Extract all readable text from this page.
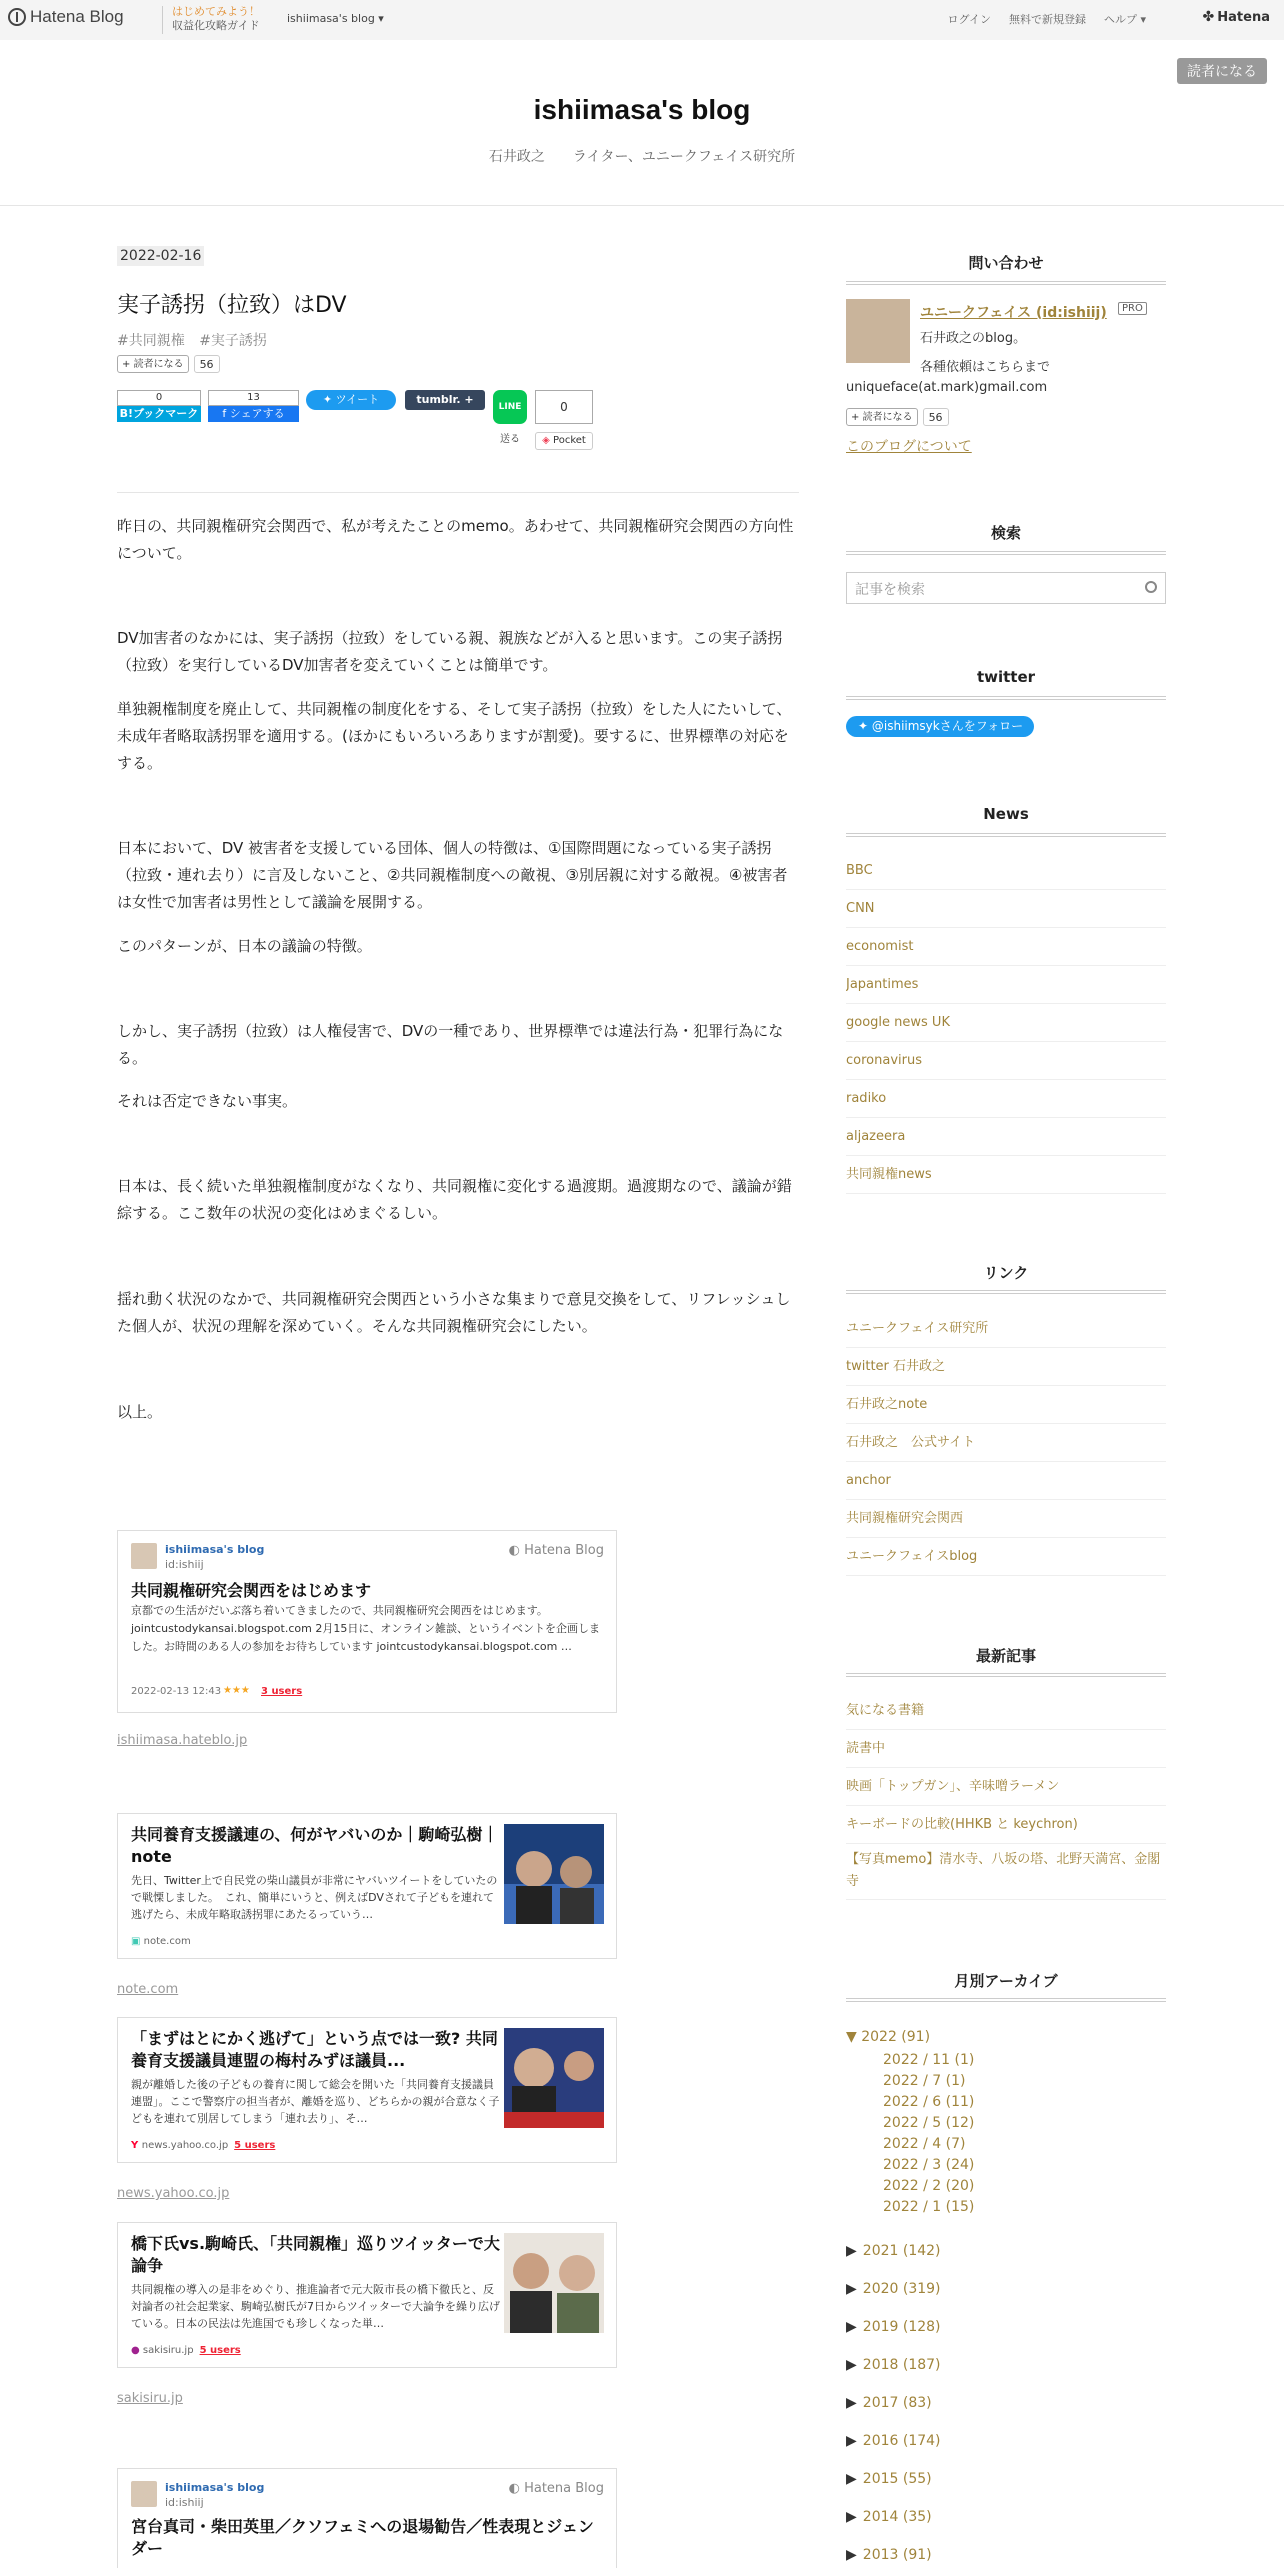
Hatena Blog	はじめてみよう！
収益化攻略ガイド
ishiimasa's blog ▾	ログイン 無料で新規登録 ヘルプ ▾	✤ Hatena
読者になる
ishiimasa's blog
石井政之　　ライター、ユニークフェイス研究所
2022-02-16
実子誘拐（拉致）はDV
#共同親権 #実子誘拐
+ 読者になる	56
0
B!ブックマーク
13
f シェアする
✦ ツイート	tumblr. +
LINE
送る
0
◈ Pocket

昨日の、共同親権研究会関西で、私が考えたことのmemo。あわせて、共同親権研究会関西の方向性について。

DV加害者のなかには、実子誘拐（拉致）をしている親、親族などが入ると思います。この実子誘拐（拉致）を実行しているDV加害者を変えていくことは簡単です。

単独親権制度を廃止して、共同親権の制度化をする、そして実子誘拐（拉致）をした人にたいして、未成年者略取誘拐罪を適用する。(ほかにもいろいろありますが割愛)。要するに、世界標準の対応をする。

日本において、DV 被害者を支援している団体、個人の特徴は、①国際問題になっている実子誘拐（拉致・連れ去り）に言及しないこと、②共同親権制度への敵視、③別居親に対する敵視。④被害者は女性で加害者は男性として議論を展開する。

このパターンが、日本の議論の特徴。

しかし、実子誘拐（拉致）は人権侵害で、DVの一種であり、世界標準では違法行為・犯罪行為になる。

それは否定できない事実。

日本は、長く続いた単独親権制度がなくなり、共同親権に変化する過渡期。過渡期なので、議論が錯綜する。ここ数年の状況の変化はめまぐるしい。

揺れ動く状況のなかで、共同親権研究会関西という小さな集まりで意見交換をして、リフレッシュした個人が、状況の理解を深めていく。そんな共同親権研究会にしたい。

以上。

ishiimasa's blog
id:ishiij
◐ Hatena Blog
共同親権研究会関西をはじめます
京都での生活がだいぶ落ち着いてきましたので、共同親権研究会関西をはじめます。 jointcustodykansai.blogspot.com 2月15日に、オンライン雑談、というイベントを企画しました。お時間のある人の参加をお待ちしています jointcustodykansai.blogspot.com …
2022-02-13 12:43 ★★★ 3 users
ishiimasa.hateblo.jp
共同養育支援議連の、何がヤバいのか｜駒崎弘樹｜note
先日、Twitter上で自民党の柴山議員が非常にヤバいツイートをしていたので戦慄しました。　これ、簡単にいうと、例えばDVされて子どもを連れて逃げたら、未成年略取誘拐罪にあたるっていう…
▣ note.com
note.com
「まずはとにかく逃げて」という点では一致? 共同養育支援議員連盟の梅村みずほ議員...
親が離婚した後の子どもの養育に関して総会を開いた「共同養育支援議員連盟」。ここで警察庁の担当者が、離婚を巡り、どちらかの親が合意なく子どもを連れて別居してしまう「連れ去り」、そ…
Y news.yahoo.co.jp 5 users
news.yahoo.co.jp
橋下氏vs.駒崎氏、「共同親権」巡りツイッターで大論争
共同親権の導入の是非をめぐり、推進論者で元大阪市長の橋下徹氏と、反対論者の社会起業家、駒崎弘樹氏が7日からツイッターで大論争を繰り広げている。日本の民法は先進国でも珍しくなった単…
● sakisiru.jp 5 users
sakisiru.jp
ishiimasa's blog
id:ishiij
◐ Hatena Blog
宮台真司・柴田英里／クソフェミへの退場勧告／性表現とジェンダー
問い合わせ
ユニークフェイス (id:ishiij)	PRO
石井政之のblog。
各種依頼はこちらまで
uniqueface(at.mark)gmail.com
+ 読者になる	56
このブログについて
検索
記事を検索
twitter
✦ @ishiimsykさんをフォロー
News
BBC
CNN
economist
Japantimes
google news UK
coronavirus
radiko
aljazeera
共同親権news
リンク
ユニークフェイス研究所
twitter 石井政之
石井政之note
石井政之　公式サイト
anchor
共同親権研究会関西
ユニークフェイスblog
最新記事
気になる書籍
読書中
映画「トップガン」、辛味噌ラーメン
キーボードの比較(HHKB と keychron)
【写真memo】清水寺、八坂の塔、北野天満宮、金閣寺
月別アーカイブ
▼ 2022 (91)
2022 / 11 (1)
2022 / 7 (1)
2022 / 6 (11)
2022 / 5 (12)
2022 / 4 (7)
2022 / 3 (24)
2022 / 2 (20)
2022 / 1 (15)
▶ 2021 (142)
▶ 2020 (319)
▶ 2019 (128)
▶ 2018 (187)
▶ 2017 (83)
▶ 2016 (174)
▶ 2015 (55)
▶ 2014 (35)
▶ 2013 (91)
